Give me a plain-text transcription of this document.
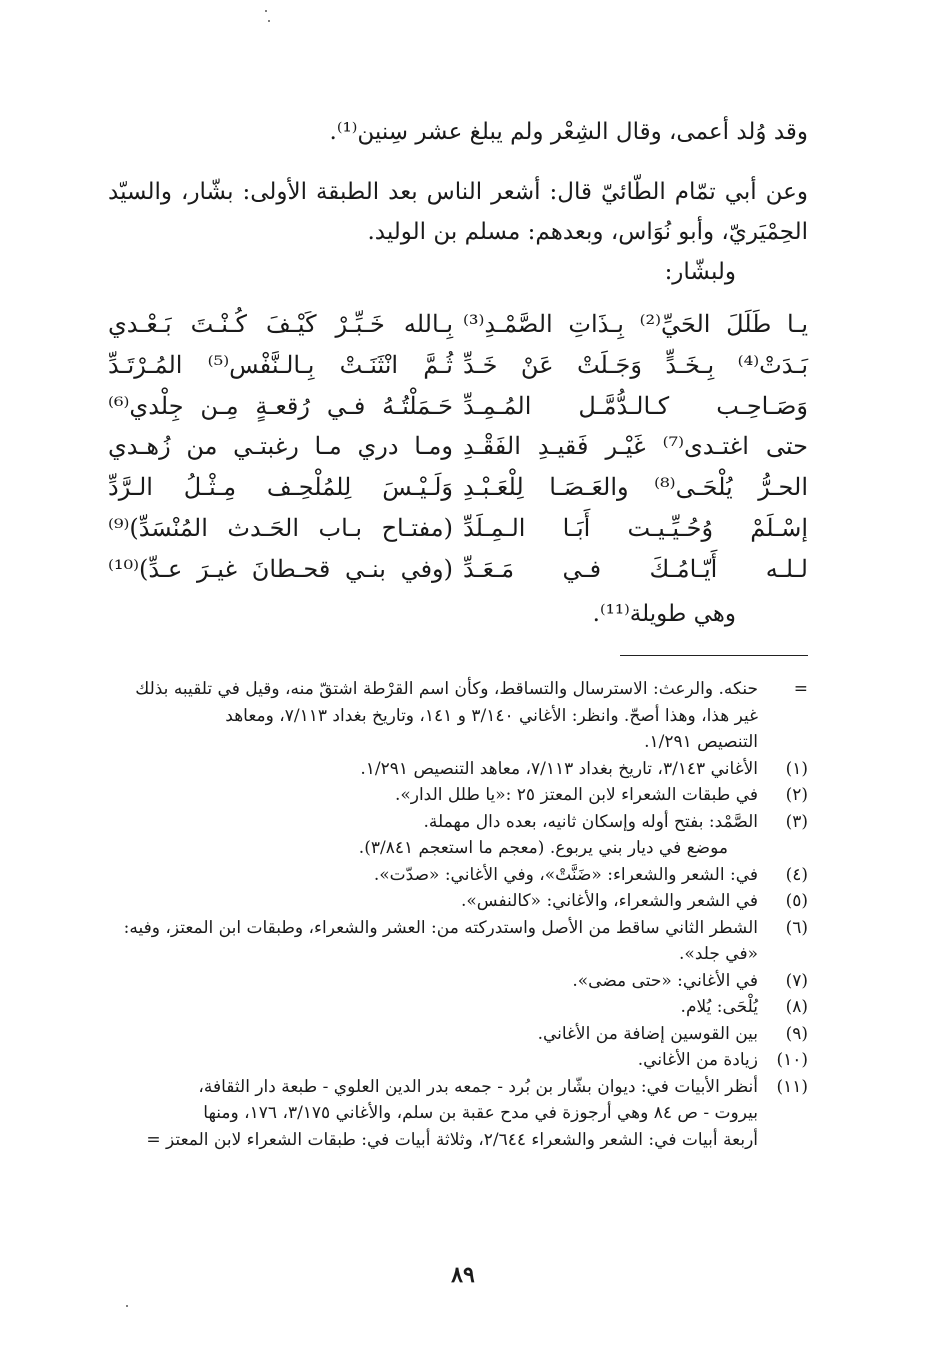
وقد وُلد أعمى، وقال الشِعْر ولم يبلغ عشر سِنين⁽¹⁾.

وعن أبي تمّام الطّائيّ قال: أشعر الناس بعد الطبقة الأولى: بشّار، والسيّد الحِمْيَريّ، وأبو نُوَاس، وبعدهم: مسلم بن الوليد.

ولبشّار:

يـا طَلَلَ الحَيِّ⁽²⁾ بِـذَاتِ الصَّمْـدِ⁽³⁾
بَـدَتْ⁽⁴⁾ بِـخَـدٍّ وَجَـلَتْ عَنْ خَـدِّ
وَصَـاحِـب كـالـدُّمَّـل المُـمِـدِّ
حتى اغتـدى⁽⁷⁾ غَيْـر فَقيـدِ الفَقْـدِ
الحـرُّ يُلْحَـى⁽⁸⁾ والعَـصَـا لِلْعَـبْـدِ
إسْـلَمْ وُحُـيِّـيـت أَبَـا الـمِـلَدِّ
لـلـه أَيّـامُـكَ فـي مَـعَـدِّ
بِـالله خَـبِّـرْ كَيْـفَ كُـنْـتَ بَـعْـدي
ثُـمَّ انْثَنَـتْ بِـالـنَّفْس⁽⁵⁾ المُـرْتَـدِّ
حَـمَلْتُـهُ فـي رُقعـةٍ مِـن جِلْدي⁽⁶⁾
ومـا دري مـا رغبتـي من زُهـدي
وَلَـيْـسَ لِلمُلْحِـف مِـثْـلُ الـرَّدِّ
(مفتـاح بـاب الحَـدث المُنْسَدِّ)⁽⁹⁾
(وفي بنـي قحـطانَ غيـرَ عـدِّ)⁽¹⁰⁾
وهي طويلة⁽¹¹⁾.
=
حنكه. والرعث: الاسترسال والتساقط، وكأن اسم القرْطة اشتقّ منه، وقيل في تلقيبه بذلك
غير هذا، وهذا أصحّ. وانظر: الأغاني ٣/١٤٠ و ١٤١، وتاريخ بغداد ٧/١١٣، ومعاهد
التنصيص ١/٢٩١.
(١)
الأغاني ٣/١٤٣، تاريخ بغداد ٧/١١٣، معاهد التنصيص ١/٢٩١.
(٢)
في طبقات الشعراء لابن المعتز ٢٥ :«يا طلل الدار».
(٣)
الصَّمْد: بفتح أوله وإسكان ثانيه، بعده دال مهملة.
موضع في ديار بني يربوع. (معجم ما استعجم ٣/٨٤١).
(٤)
في: الشعر والشعراء: «ضَنَّتْ»، وفي الأغاني: «صدّت».
(٥)
في الشعر والشعراء، والأغاني: «كالنفس».
(٦)
الشطر الثاني ساقط من الأصل واستدركته من: العشر والشعراء، وطبقات ابن المعتز، وفيه:
«في جلد».
(٧)
في الأغاني: «حتى مضى».
(٨)
يُلْحَى: يُلام.
(٩)
بين القوسين إضافة من الأغاني.
(١٠)
زيادة من الأغاني.
(١١)
أنظر الأبيات في: ديوان بشّار بن بُرد - جمعه بدر الدين العلوي - طبعة دار الثقافة،
بيروت - ص ٨٤ وهي أرجوزة في مدح عقبة بن سلم، والأغاني ٣/١٧٥، ١٧٦، ومنها
أربعة أبيات في: الشعر والشعراء ٢/٦٤٤، وثلاثة أبيات في: طبقات الشعراء لابن المعتز =
٨٩
